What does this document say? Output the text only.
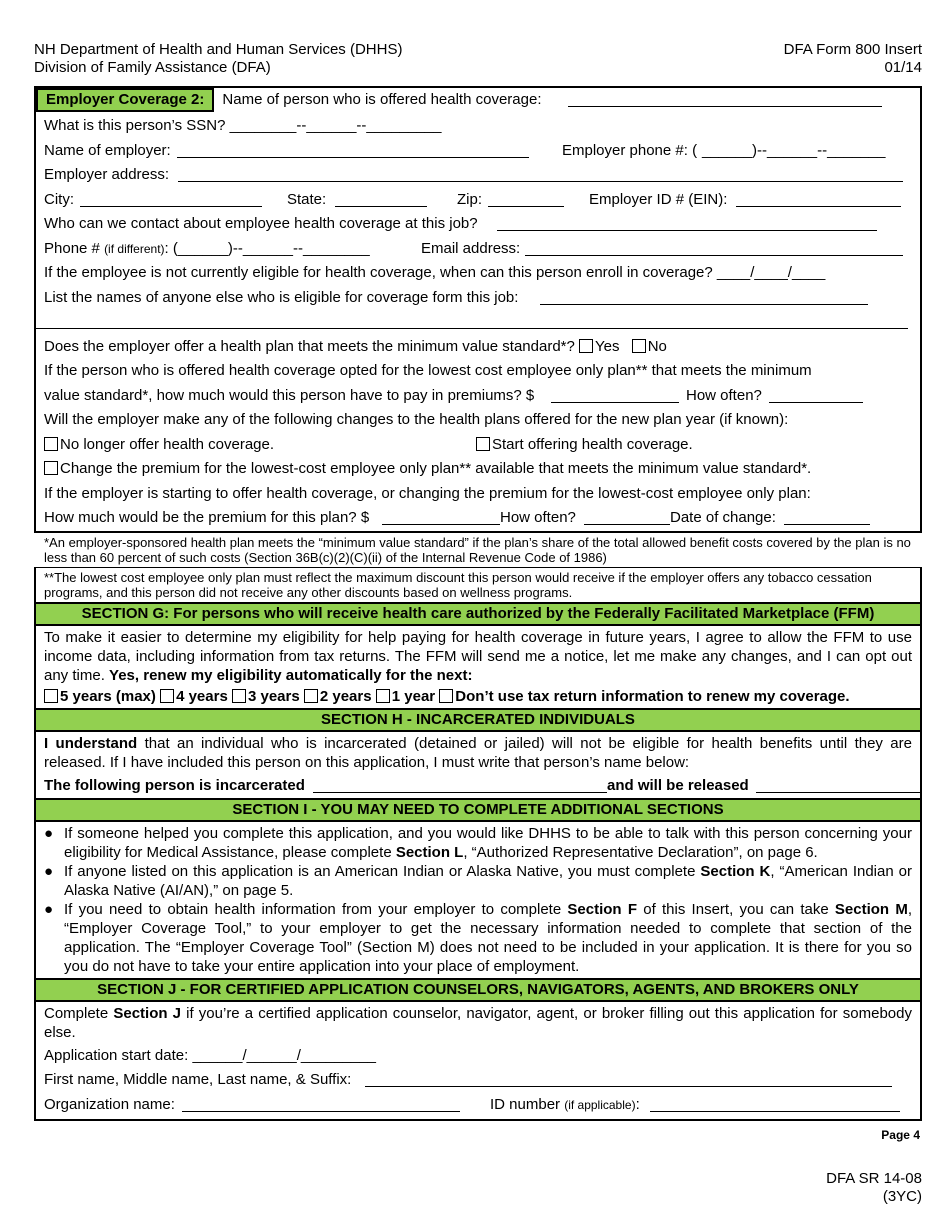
NH Department of Health and Human Services (DHHS)
Division of Family Assistance (DFA)
DFA Form 800 Insert
01/14
Employer Coverage 2: Name of person who is offered health coverage:
What is this person’s SSN? ________--______--_________
Name of employer:	Employer phone #: ( ______)--______--_______
Employer address:
City:	State:	Zip:	Employer ID # (EIN):
Who can we contact about employee health coverage at this job?
Phone # (if different): (______)--______--________	Email address:
If the employee is not currently eligible for health coverage, when can this person enroll in coverage? ____/____/____
List the names of anyone else who is eligible for coverage form this job:
Does the employer offer a health plan that meets the minimum value standard*? Yes No
If the person who is offered health coverage opted for the lowest cost employee only plan** that meets the minimum
value standard*, how much would this person have to pay in premiums? $	How often?
Will the employer make any of the following changes to the health plans offered for the new plan year (if known):
No longer offer health coverage.	Start offering health coverage.
Change the premium for the lowest-cost employee only plan** available that meets the minimum value standard*.
If the employer is starting to offer health coverage, or changing the premium for the lowest-cost employee only plan:
How much would be the premium for this plan? $	How often?	Date of change:
*An employer-sponsored health plan meets the “minimum value standard” if the plan’s share of the total allowed benefit costs covered by the plan is no less than 60 percent of such costs (Section 36B(c)(2)(C)(ii) of the Internal Revenue Code of 1986)
**The lowest cost employee only plan must reflect the maximum discount this person would receive if the employer offers any tobacco cessation programs, and this person did not receive any other discounts based on wellness programs.
SECTION G: For persons who will receive health care authorized by the Federally Facilitated Marketplace (FFM)
To make it easier to determine my eligibility for help paying for health coverage in future years, I agree to allow the FFM to use income data, including information from tax returns. The FFM will send me a notice, let me make any changes, and I can opt out any time. Yes, renew my eligibility automatically for the next:
5 years (max) 4 years 3 years 2 years 1 year Don’t use tax return information to renew my coverage.
SECTION H - INCARCERATED INDIVIDUALS
I understand that an individual who is incarcerated (detained or jailed) will not be eligible for health benefits until they are released. If I have included this person on this application, I must write that person’s name below:
The following person is incarcerated	and will be released
SECTION I - YOU MAY NEED TO COMPLETE ADDITIONAL SECTIONS
● If someone helped you complete this application, and you would like DHHS to be able to talk with this person concerning your eligibility for Medical Assistance, please complete Section L, “Authorized Representative Declaration”, on page 6.
● If anyone listed on this application is an American Indian or Alaska Native, you must complete Section K, “American Indian or Alaska Native (AI/AN),” on page 5.
● If you need to obtain health information from your employer to complete Section F of this Insert, you can take Section M, “Employer Coverage Tool,” to your employer to get the necessary information needed to complete that section of the application. The “Employer Coverage Tool” (Section M) does not need to be included in your application. It is there for you so you do not have to take your entire application into your place of employment.
SECTION J - FOR CERTIFIED APPLICATION COUNSELORS, NAVIGATORS, AGENTS, AND BROKERS ONLY
Complete Section J if you’re a certified application counselor, navigator, agent, or broker filling out this application for somebody else.
Application start date: ______/______/_________
First name, Middle name, Last name, & Suffix:
Organization name:	ID number (if applicable):
Page 4
DFA SR 14-08
(3YC)
